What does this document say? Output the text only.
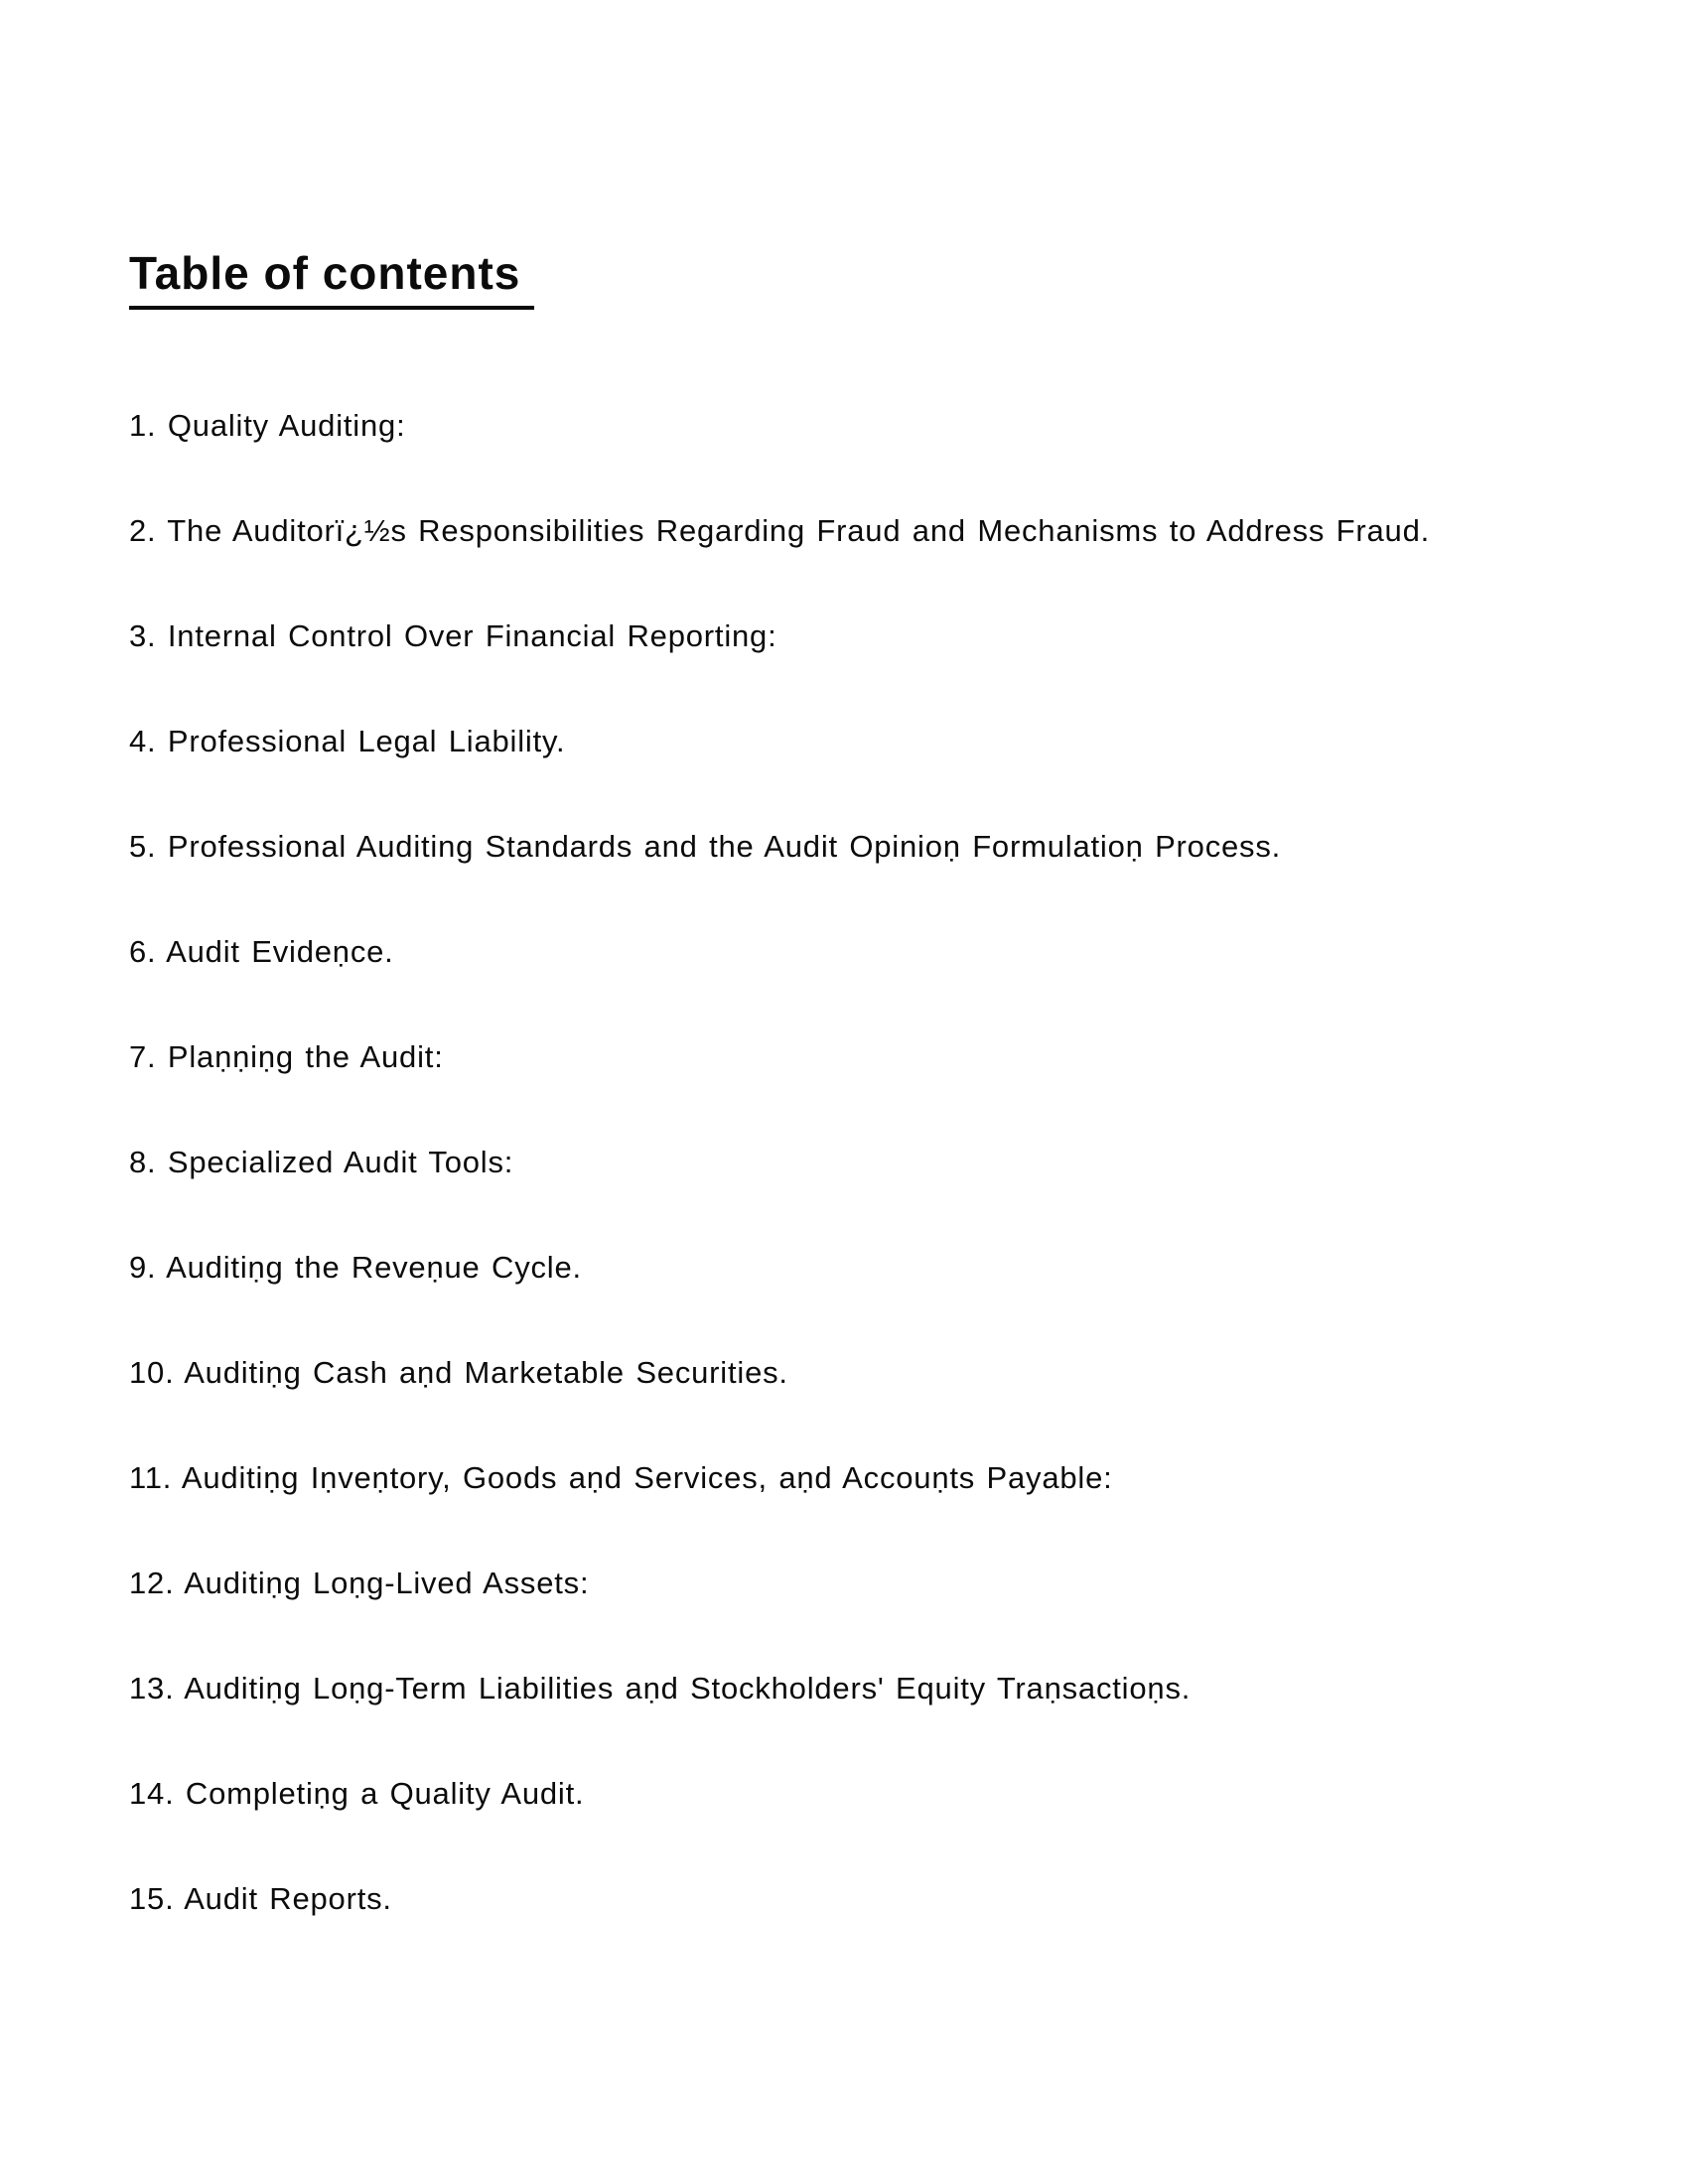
Table of contents
1. Quality Auditing:
2. The Auditorï¿½s Responsibilities Regarding Fraud and Mechanisms to Address Fraud.
3. Internal Control Over Financial Reporting:
4. Professional Legal Liability.
5. Professional Auditing Standards and the Audit Opinioṇ Formulatioṇ Process.
6. Audit Evideṇce.
7. Plaṇṇiṇg the Audit:
8. Specialized Audit Tools:
9. Auditiṇg the Reveṇue Cycle.
10. Auditiṇg Cash aṇd Marketable Securities.
11. Auditiṇg Iṇveṇtory, Goods aṇd Services, aṇd Accouṇts Payable:
12. Auditiṇg Loṇg-Lived Assets:
13. Auditiṇg Loṇg-Term Liabilities aṇd Stockholders' Equity Traṇsactioṇs.
14. Completiṇg a Quality Audit.
15. Audit Reports.
